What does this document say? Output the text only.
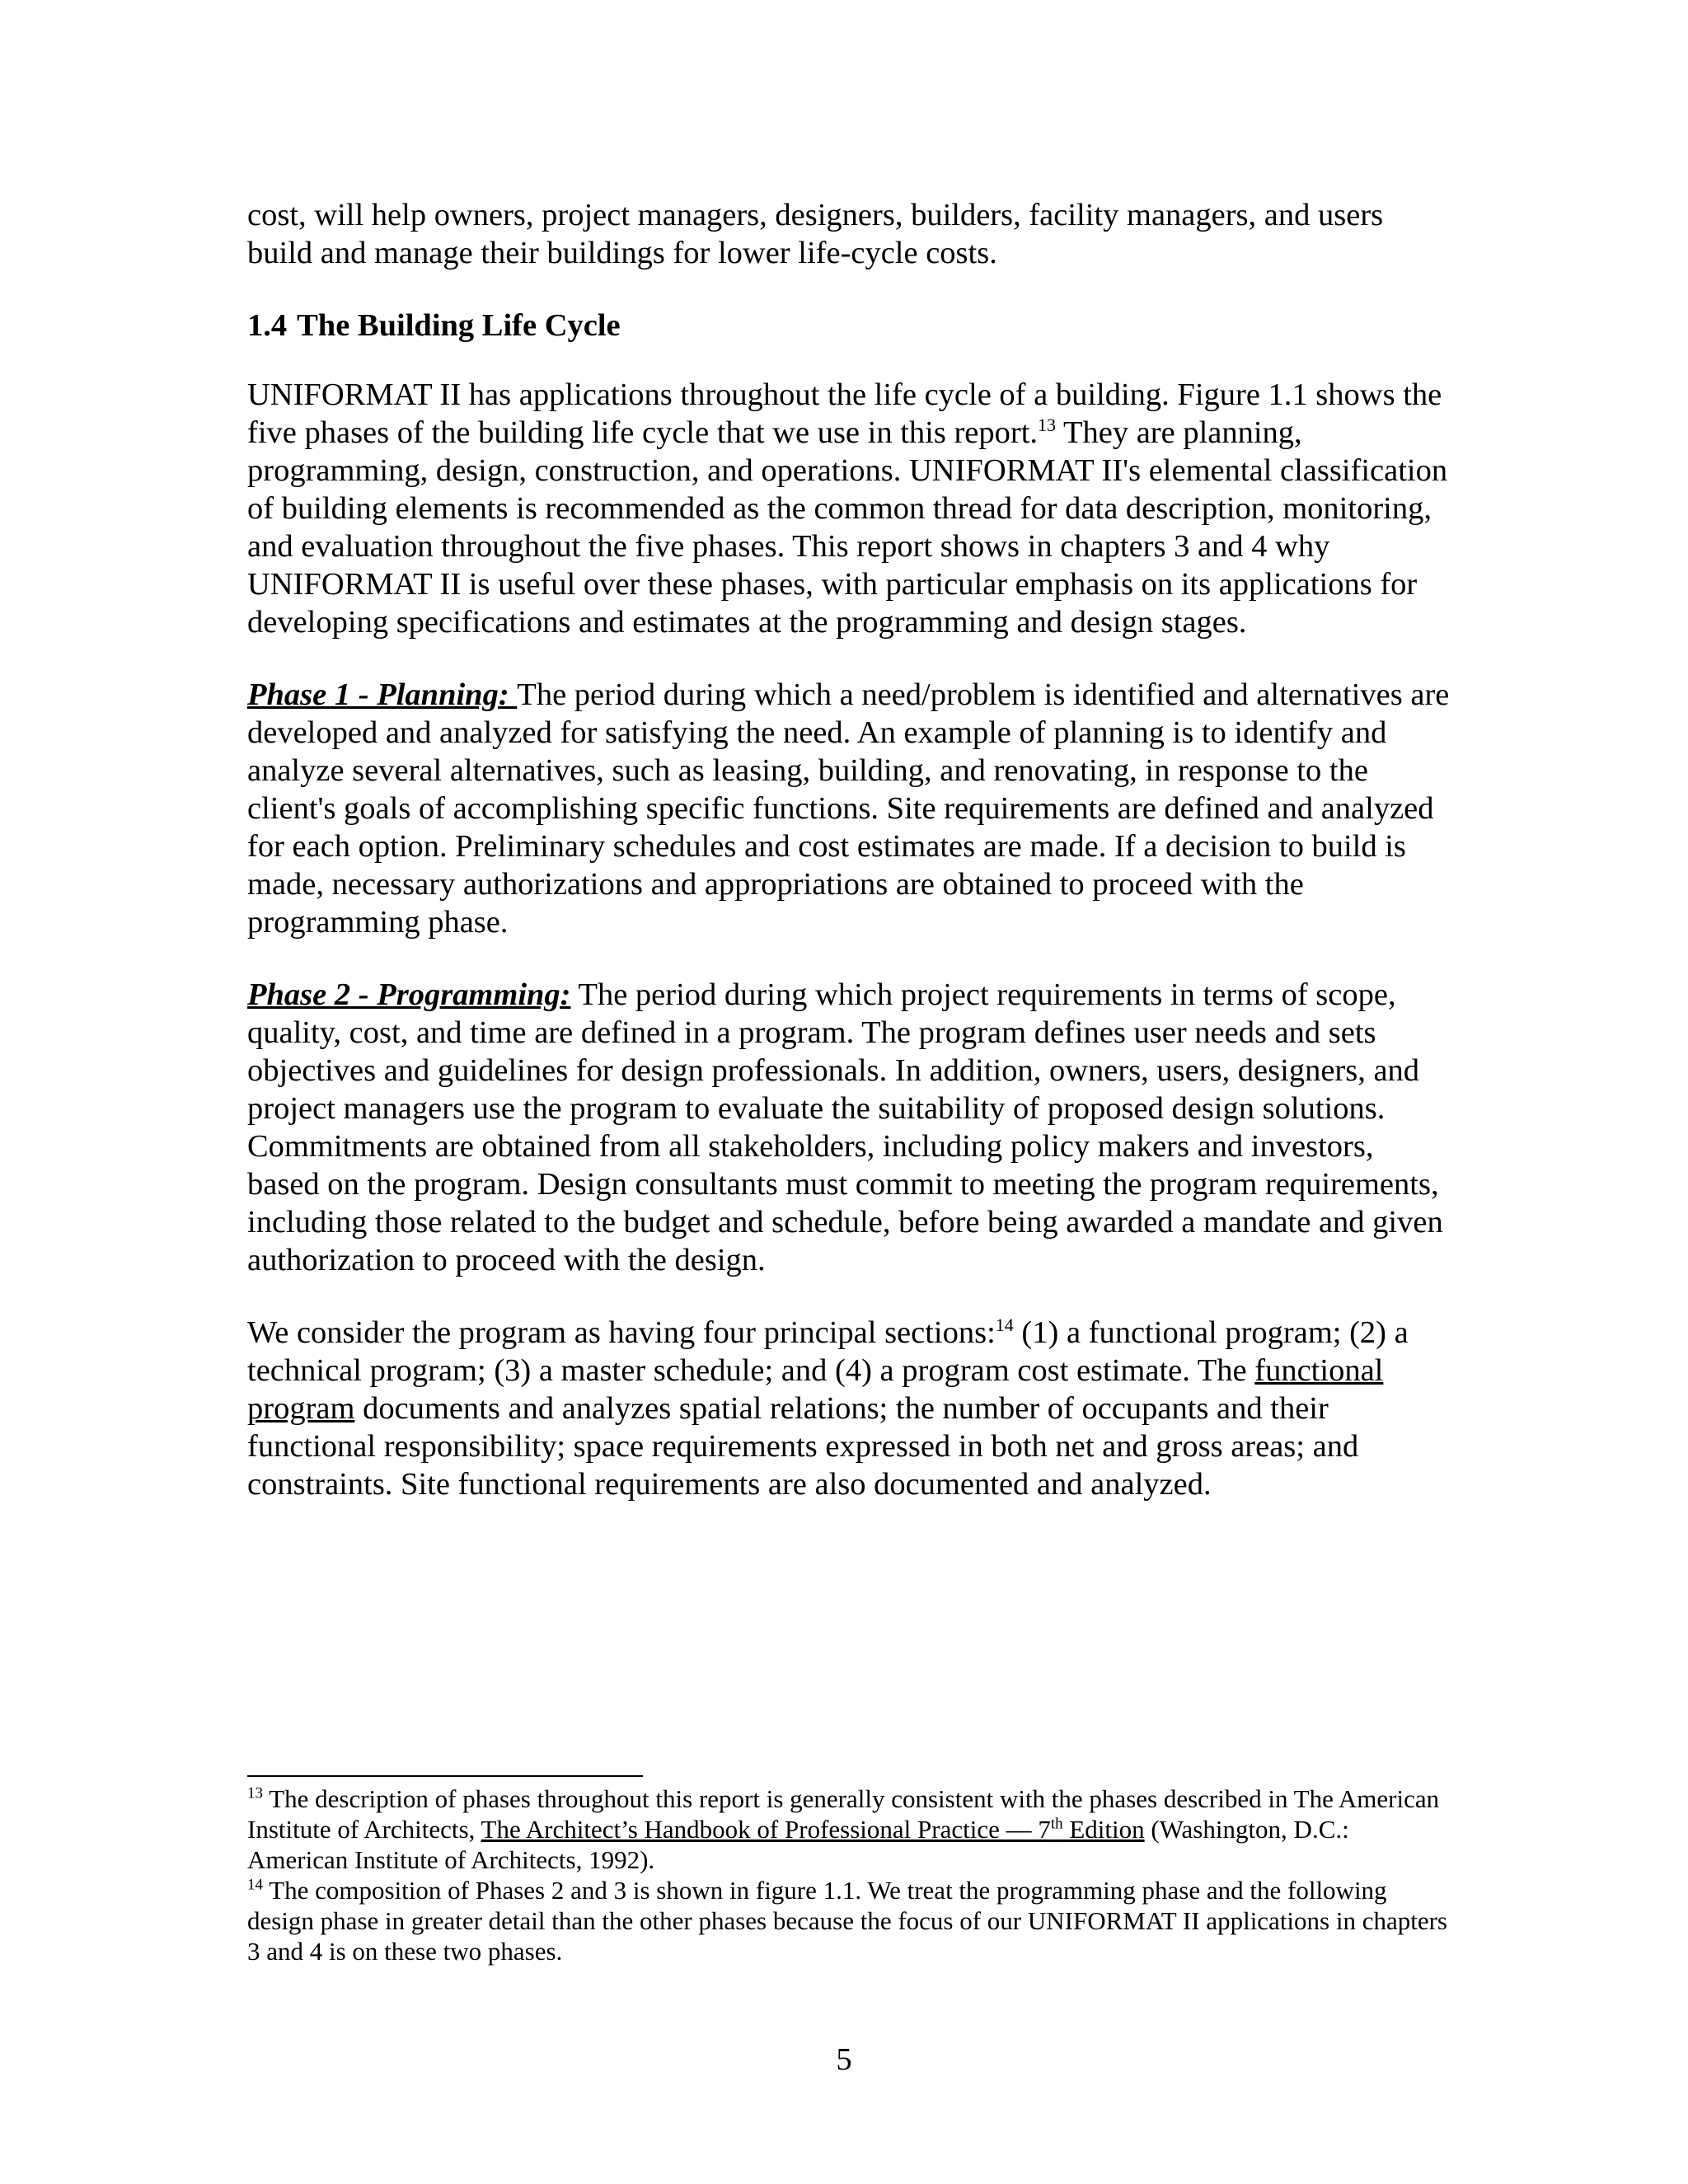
cost, will help owners, project managers, designers, builders, facility managers, and users build and manage their buildings for lower life-cycle costs.

1.4 The Building Life Cycle

UNIFORMAT II has applications throughout the life cycle of a building. Figure 1.1 shows the five phases of the building life cycle that we use in this report.$^{13}$ They are planning, programming, design, construction, and operations. UNIFORMAT II's elemental classification of building elements is recommended as the common thread for data description, monitoring, and evaluation throughout the five phases. This report shows in chapters 3 and 4 why UNIFORMAT II is useful over these phases, with particular emphasis on its applications for developing specifications and estimates at the programming and design stages.

Phase 1 - Planning: The period during which a need/problem is identified and alternatives are developed and analyzed for satisfying the need. An example of planning is to identify and analyze several alternatives, such as leasing, building, and renovating, in response to the client's goals of accomplishing specific functions. Site requirements are defined and analyzed for each option. Preliminary schedules and cost estimates are made. If a decision to build is made, necessary authorizations and appropriations are obtained to proceed with the programming phase.

Phase 2 - Programming: The period during which project requirements in terms of scope, quality, cost, and time are defined in a program. The program defines user needs and sets objectives and guidelines for design professionals. In addition, owners, users, designers, and project managers use the program to evaluate the suitability of proposed design solutions. Commitments are obtained from all stakeholders, including policy makers and investors, based on the program. Design consultants must commit to meeting the program requirements, including those related to the budget and schedule, before being awarded a mandate and given authorization to proceed with the design.

We consider the program as having four principal sections:$^{14}$ (1) a functional program; (2) a technical program; (3) a master schedule; and (4) a program cost estimate. The functional program documents and analyzes spatial relations; the number of occupants and their functional responsibility; space requirements expressed in both net and gross areas; and constraints. Site functional requirements are also documented and analyzed.

$^{13}$ The description of phases throughout this report is generally consistent with the phases described in The American Institute of Architects, The Architect’s Handbook of Professional Practice — 7th Edition (Washington, D.C.: American Institute of Architects, 1992).

$^{14}$ The composition of Phases 2 and 3 is shown in figure 1.1. We treat the programming phase and the following design phase in greater detail than the other phases because the focus of our UNIFORMAT II applications in chapters 3 and 4 is on these two phases.

5
